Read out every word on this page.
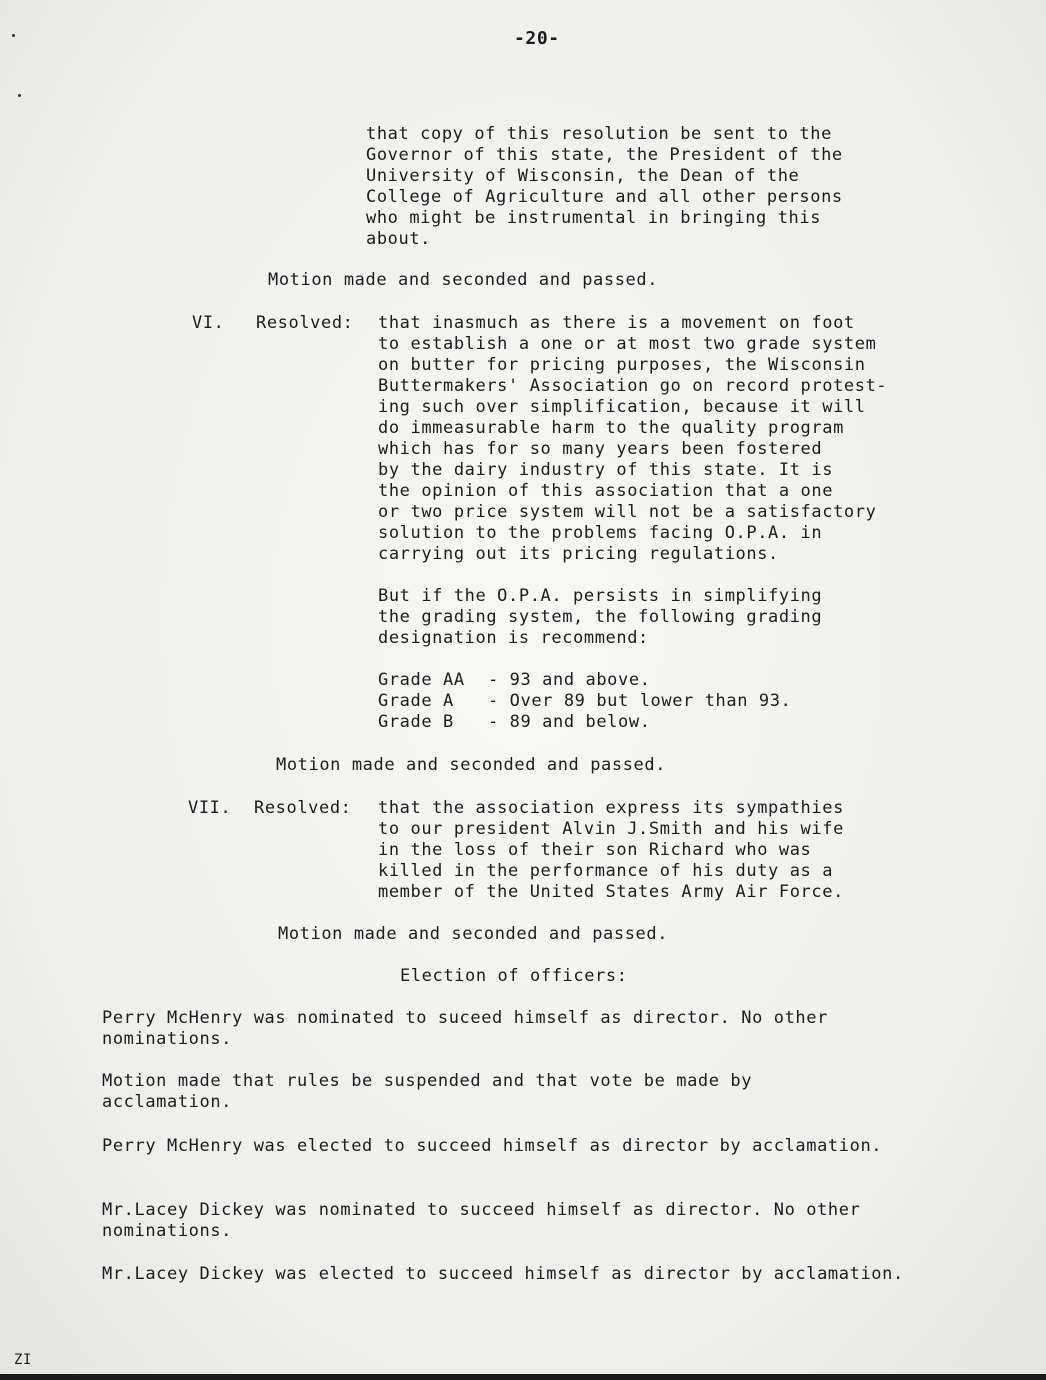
-20-
that copy of this resolution be sent to the
Governor of this state, the President of the
University of Wisconsin, the Dean of the
College of Agriculture and all other persons
who might be instrumental in bringing this
about.
Motion made and seconded and passed.
VI. Resolved: that inasmuch as there is a movement on foot
to establish a one or at most two grade system
on butter for pricing purposes, the Wisconsin
Buttermakers' Association go on record protest-
ing such over simplification, because it will
do immeasurable harm to the quality program
which has for so many years been fostered
by the dairy industry of this state. It is
the opinion of this association that a one
or two price system will not be a satisfactory
solution to the problems facing O.P.A. in
carrying out its pricing regulations.
But if the O.P.A. persists in simplifying
the grading system, the following grading
designation is recommend:
Grade AA - 93 and above.
Grade A - Over 89 but lower than 93.
Grade B - 89 and below.
Motion made and seconded and passed.
VII. Resolved: that the association express its sympathies
to our president Alvin J.Smith and his wife
in the loss of their son Richard who was
killed in the performance of his duty as a
member of the United States Army Air Force.
Motion made and seconded and passed.
Election of officers:
Perry McHenry was nominated to suceed himself as director. No other
nominations.
Motion made that rules be suspended and that vote be made by
acclamation.
Perry McHenry was elected to succeed himself as director by acclamation.
Mr.Lacey Dickey was nominated to succeed himself as director. No other
nominations.
Mr.Lacey Dickey was elected to succeed himself as director by acclamation.
ZI
